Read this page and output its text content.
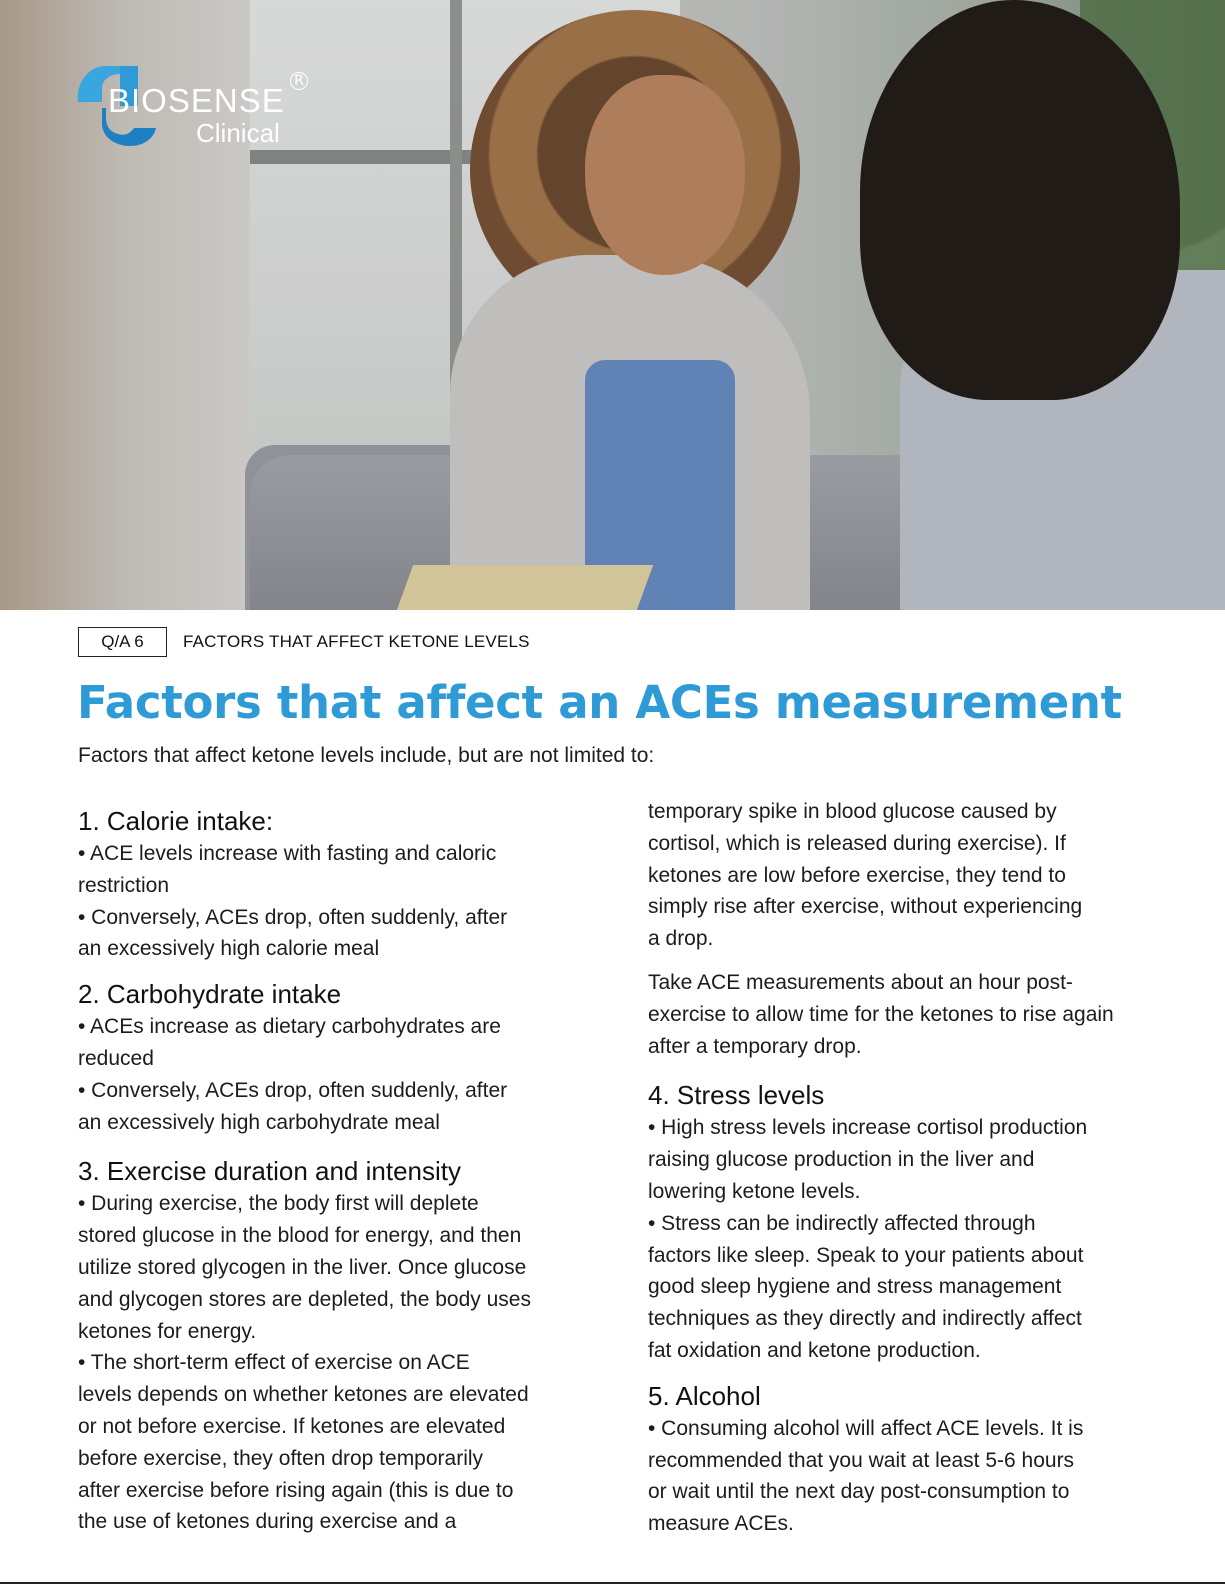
BIOSENSE
R
Clinical
Q/A 6	FACTORS THAT AFFECT KETONE LEVELS
Factors that affect an ACEs measurement
Factors that affect ketone levels include, but are not limited to:
1. Calorie intake:
• ACE levels increase with fasting and caloric
restriction
• Conversely, ACEs drop, often suddenly, after
an excessively high calorie meal
2. Carbohydrate intake
• ACEs increase as dietary carbohydrates are
reduced
• Conversely, ACEs drop, often suddenly, after
an excessively high carbohydrate meal
3. Exercise duration and intensity
• During exercise, the body first will deplete
stored glucose in the blood for energy, and then
utilize stored glycogen in the liver. Once glucose
and glycogen stores are depleted, the body uses
ketones for energy.
• The short-term effect of exercise on ACE
levels depends on whether ketones are elevated
or not before exercise. If ketones are elevated
before exercise, they often drop temporarily
after exercise before rising again (this is due to
the use of ketones during exercise and a
temporary spike in blood glucose caused by
cortisol, which is released during exercise). If
ketones are low before exercise, they tend to
simply rise after exercise, without experiencing
a drop.
Take ACE measurements about an hour post-
exercise to allow time for the ketones to rise again
after a temporary drop.
4. Stress levels
• High stress levels increase cortisol production
raising glucose production in the liver and
lowering ketone levels.
• Stress can be indirectly affected through
factors like sleep. Speak to your patients about
good sleep hygiene and stress management
techniques as they directly and indirectly affect
fat oxidation and ketone production.
5. Alcohol
• Consuming alcohol will affect ACE levels. It is
recommended that you wait at least 5-6 hours
or wait until the next day post-consumption to
measure ACEs.
